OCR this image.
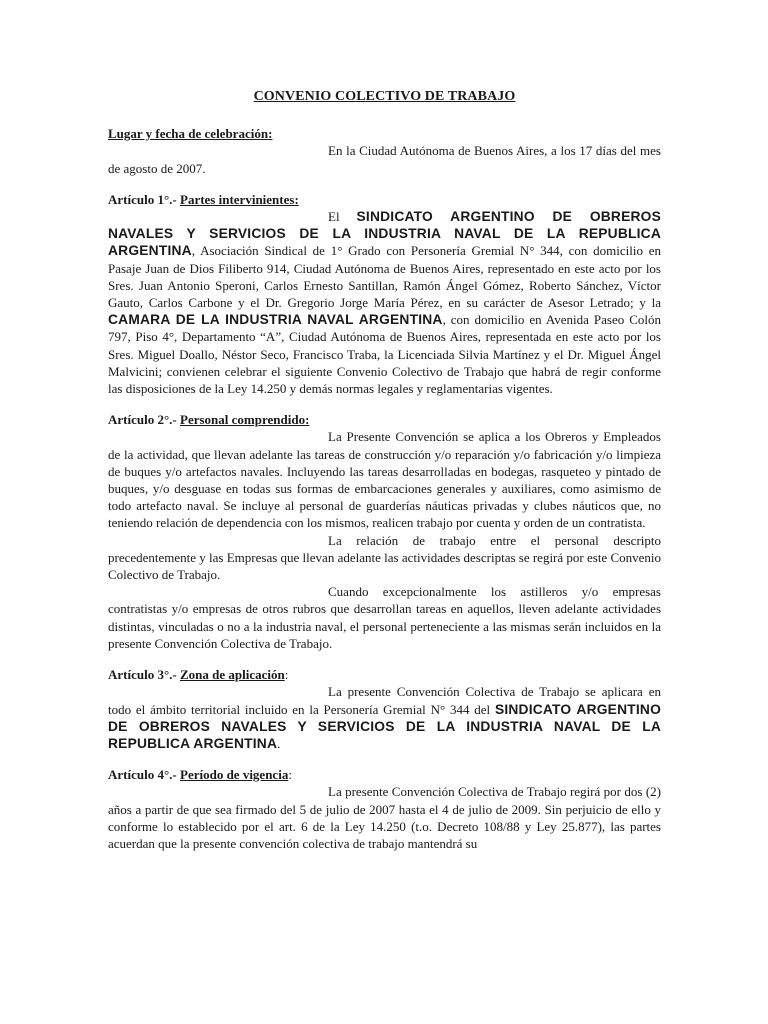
CONVENIO COLECTIVO DE TRABAJO

Lugar y fecha de celebración:

En la Ciudad Autónoma de Buenos Aires, a los 17 días del mes de agosto de 2007.

Artículo 1°.- Partes intervinientes:

El SINDICATO ARGENTINO DE OBREROS NAVALES Y SERVICIOS DE LA INDUSTRIA NAVAL DE LA REPUBLICA ARGENTINA, Asociación Sindical de 1° Grado con Personería Gremial N° 344, con domicilio en Pasaje Juan de Dios Filiberto 914, Ciudad Autónoma de Buenos Aires, representado en este acto por los Sres. Juan Antonio Speroni, Carlos Ernesto Santillan, Ramón Ángel Gómez, Roberto Sánchez, Víctor Gauto, Carlos Carbone y el Dr. Gregorio Jorge María Pérez, en su carácter de Asesor Letrado; y la CAMARA DE LA INDUSTRIA NAVAL ARGENTINA, con domicilio en Avenida Paseo Colón 797, Piso 4°, Departamento “A”, Ciudad Autónoma de Buenos Aires, representada en este acto por los Sres. Miguel Doallo, Néstor Seco, Francisco Traba, la Licenciada Silvia Martínez y el Dr. Miguel Ángel Malvicini; convienen celebrar el siguiente Convenio Colectivo de Trabajo que habrá de regir conforme las disposiciones de la Ley 14.250 y demás normas legales y reglamentarias vigentes.

Artículo 2°.- Personal comprendido:

La Presente Convención se aplica a los Obreros y Empleados de la actividad, que llevan adelante las tareas de construcción y/o reparación y/o fabricación y/o limpieza de buques y/o artefactos navales. Incluyendo las tareas desarrolladas en bodegas, rasqueteo y pintado de buques, y/o desguase en todas sus formas de embarcaciones generales y auxiliares, como asimismo de todo artefacto naval. Se incluye al personal de guarderías náuticas privadas y clubes náuticos que, no teniendo relación de dependencia con los mismos, realicen trabajo por cuenta y orden de un contratista.

La relación de trabajo entre el personal descripto precedentemente y las Empresas que llevan adelante las actividades descriptas se regirá por este Convenio Colectivo de Trabajo.

Cuando excepcionalmente los astilleros y/o empresas contratistas y/o empresas de otros rubros que desarrollan tareas en aquellos, lleven adelante actividades distintas, vinculadas o no a la industria naval, el personal perteneciente a las mismas serán incluidos en la presente Convención Colectiva de Trabajo.

Artículo 3°.- Zona de aplicación:

La presente Convención Colectiva de Trabajo se aplicara en todo el ámbito territorial incluido en la Personería Gremial N° 344 del SINDICATO ARGENTINO DE OBREROS NAVALES Y SERVICIOS DE LA INDUSTRIA NAVAL DE LA REPUBLICA ARGENTINA.

Artículo 4°.- Período de vigencia:

La presente Convención Colectiva de Trabajo regirá por dos (2) años a partir de que sea firmado del 5 de julio de 2007 hasta el 4 de julio de 2009. Sin perjuicio de ello y conforme lo establecido por el art. 6 de la Ley 14.250 (t.o. Decreto 108/88 y Ley 25.877), las partes acuerdan que la presente convención colectiva de trabajo mantendrá su
